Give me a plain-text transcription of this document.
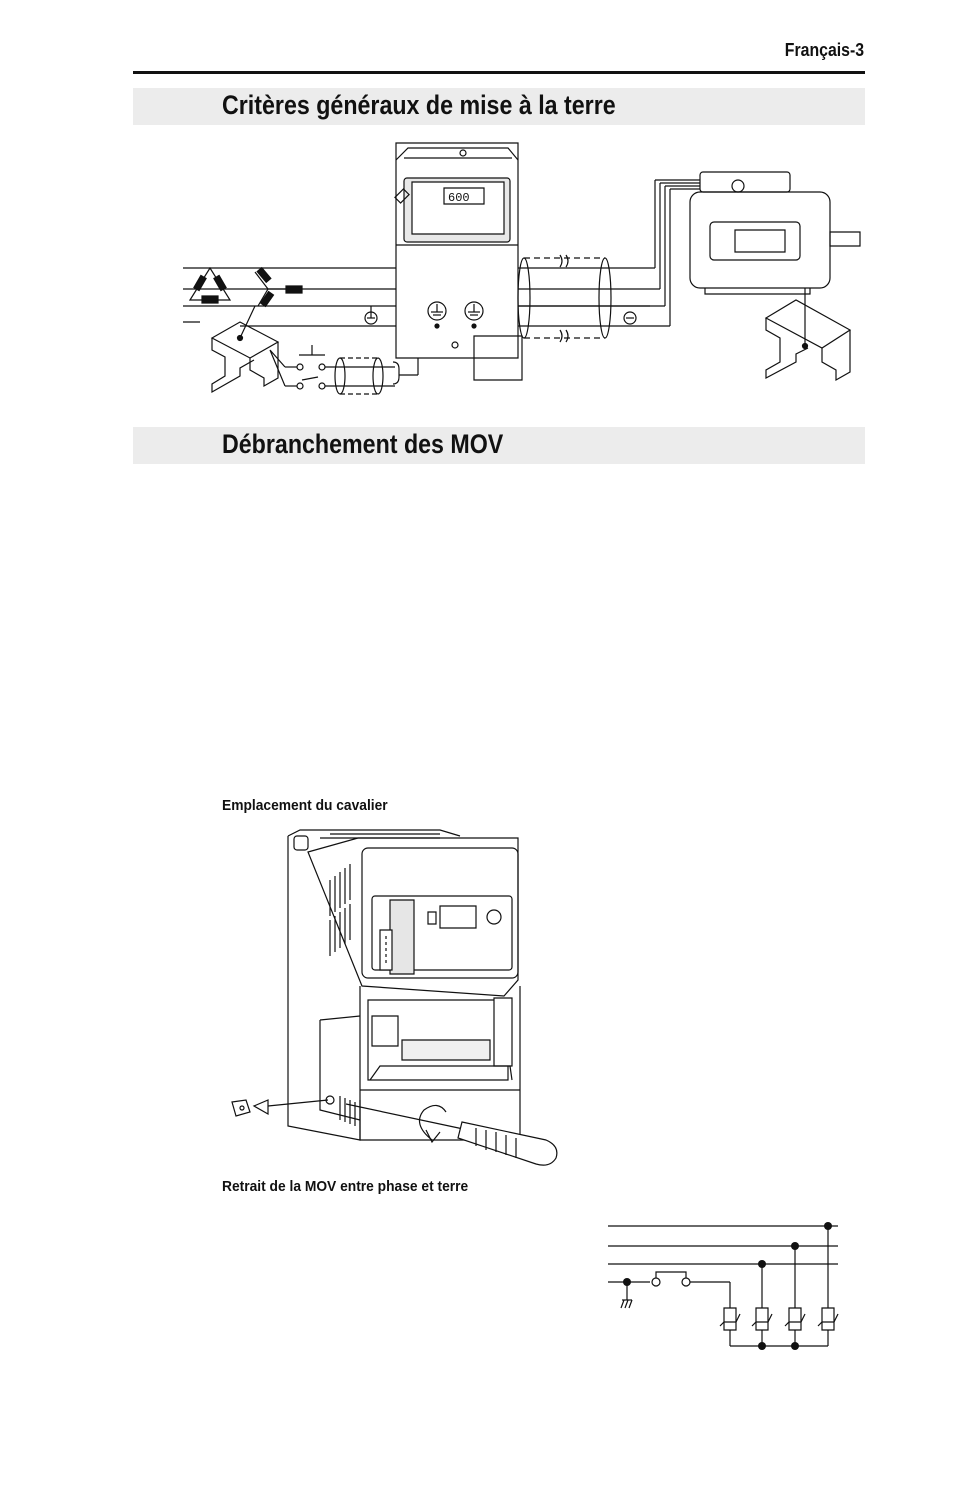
Français-3
Critères généraux de mise à la terre
600
Débranchement des MOV
Emplacement du cavalier
Retrait de la MOV entre phase et terre
